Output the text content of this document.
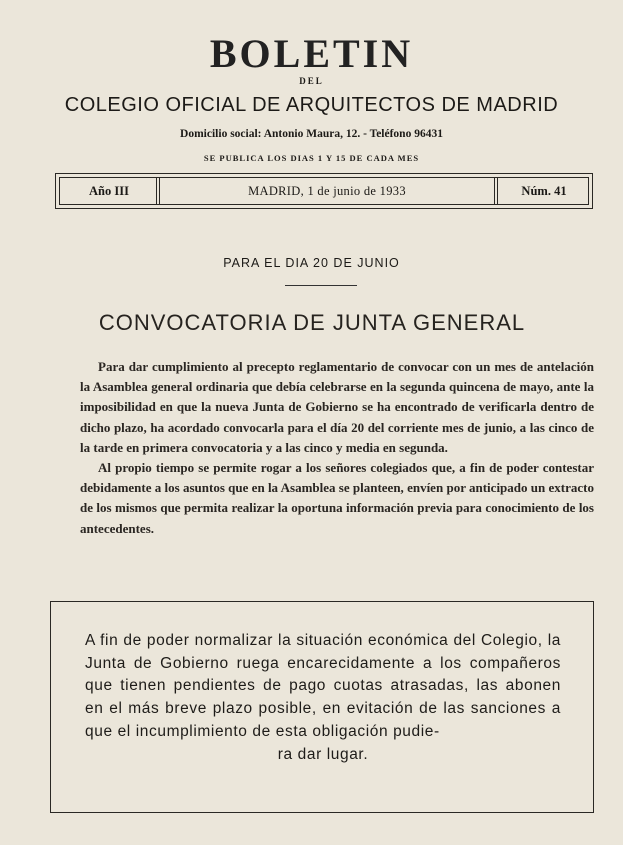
BOLETIN
DEL
COLEGIO OFICIAL DE ARQUITECTOS DE MADRID
Domicilio social: Antonio Maura, 12. - Teléfono 96431
SE PUBLICA LOS DIAS 1 Y 15 DE CADA MES
Año III	MADRID, 1 de junio de 1933	Núm. 41
PARA EL DIA 20 DE JUNIO
CONVOCATORIA DE JUNTA GENERAL

Para dar cumplimiento al precepto reglamentario de convocar con un mes de antelación la Asamblea general ordinaria que debía celebrarse en la segunda quincena de mayo, ante la imposibilidad en que la nueva Junta de Gobierno se ha encontrado de verificarla dentro de dicho plazo, ha acordado convocarla para el día 20 del corriente mes de junio, a las cinco de la tarde en primera convocatoria y a las cinco y media en segunda.

Al propio tiempo se permite rogar a los señores colegiados que, a fin de poder contestar debidamente a los asuntos que en la Asamblea se planteen, envíen por anticipado un extracto de los mismos que permita realizar la oportuna información previa para conocimiento de los antecedentes.

A fin de poder normalizar la situación económica del Colegio, la Junta de Gobierno ruega encarecidamente a los compañeros que tienen pendientes de pago cuotas atrasadas, las abonen en el más breve plazo posible, en evitación de las sanciones a que el incumplimiento de esta obligación pudie-
ra dar lugar.
